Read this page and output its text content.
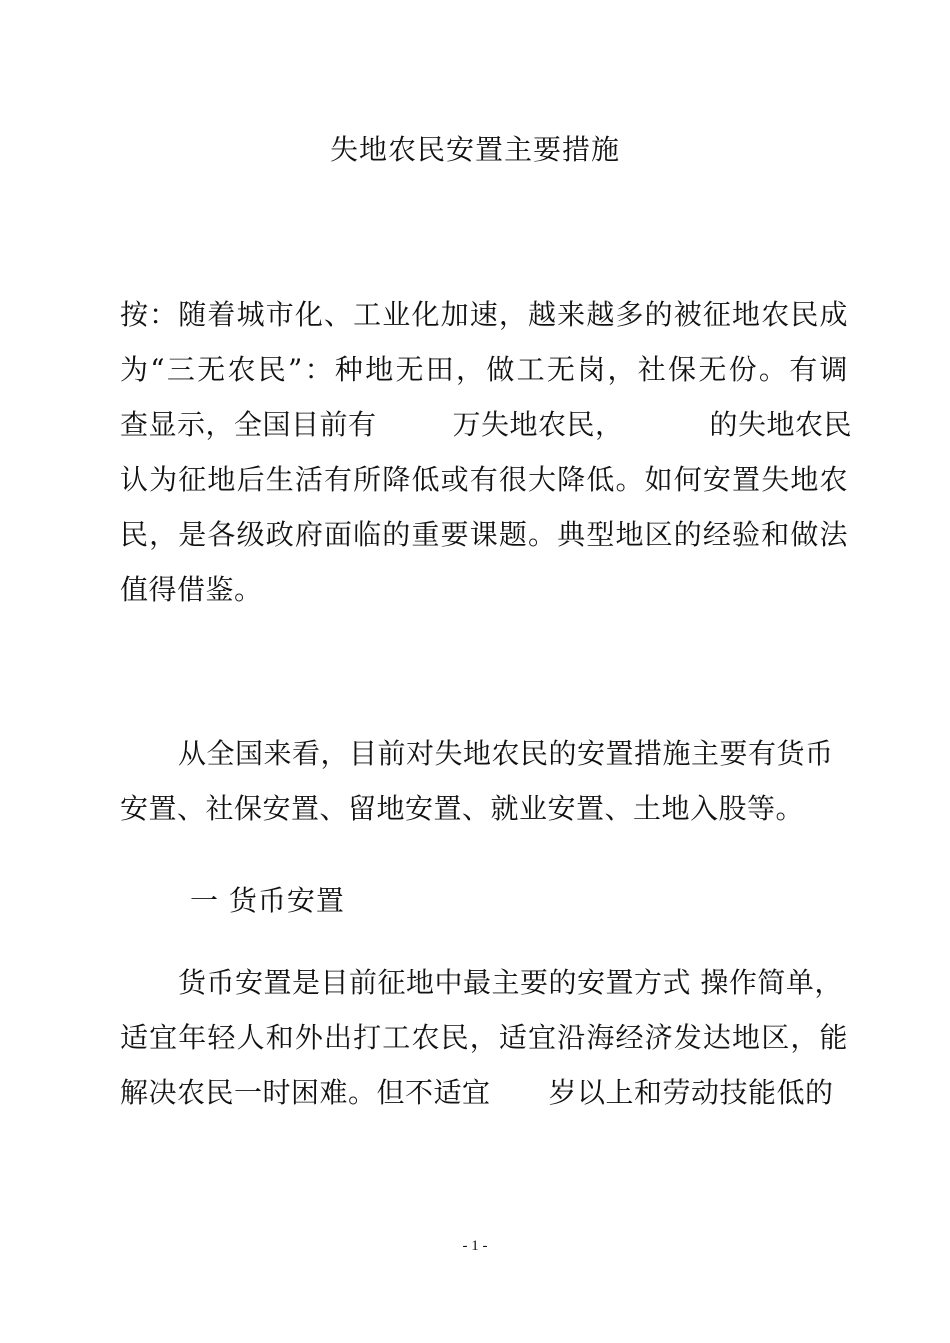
失地农民安置主要措施
按：随着城市化、工业化加速，越来越多的被征地农民成
为“三无农民”：种地无田，做工无岗，社保无份。有调
查显示，全国目前有	万失地农民，	的失地农民
认为征地后生活有所降低或有很大降低。如何安置失地农
民，是各级政府面临的重要课题。典型地区的经验和做法
值得借鉴。
从全国来看，目前对失地农民的安置措施主要有货币
安置、社保安置、留地安置、就业安置、土地入股等。
一 货币安置
货币安置是目前征地中最主要的安置方式 操作简单，
适宜年轻人和外出打工农民，适宜沿海经济发达地区，能
解决农民一时困难。但不适宜 岁以上和劳动技能低的
- 1 -
